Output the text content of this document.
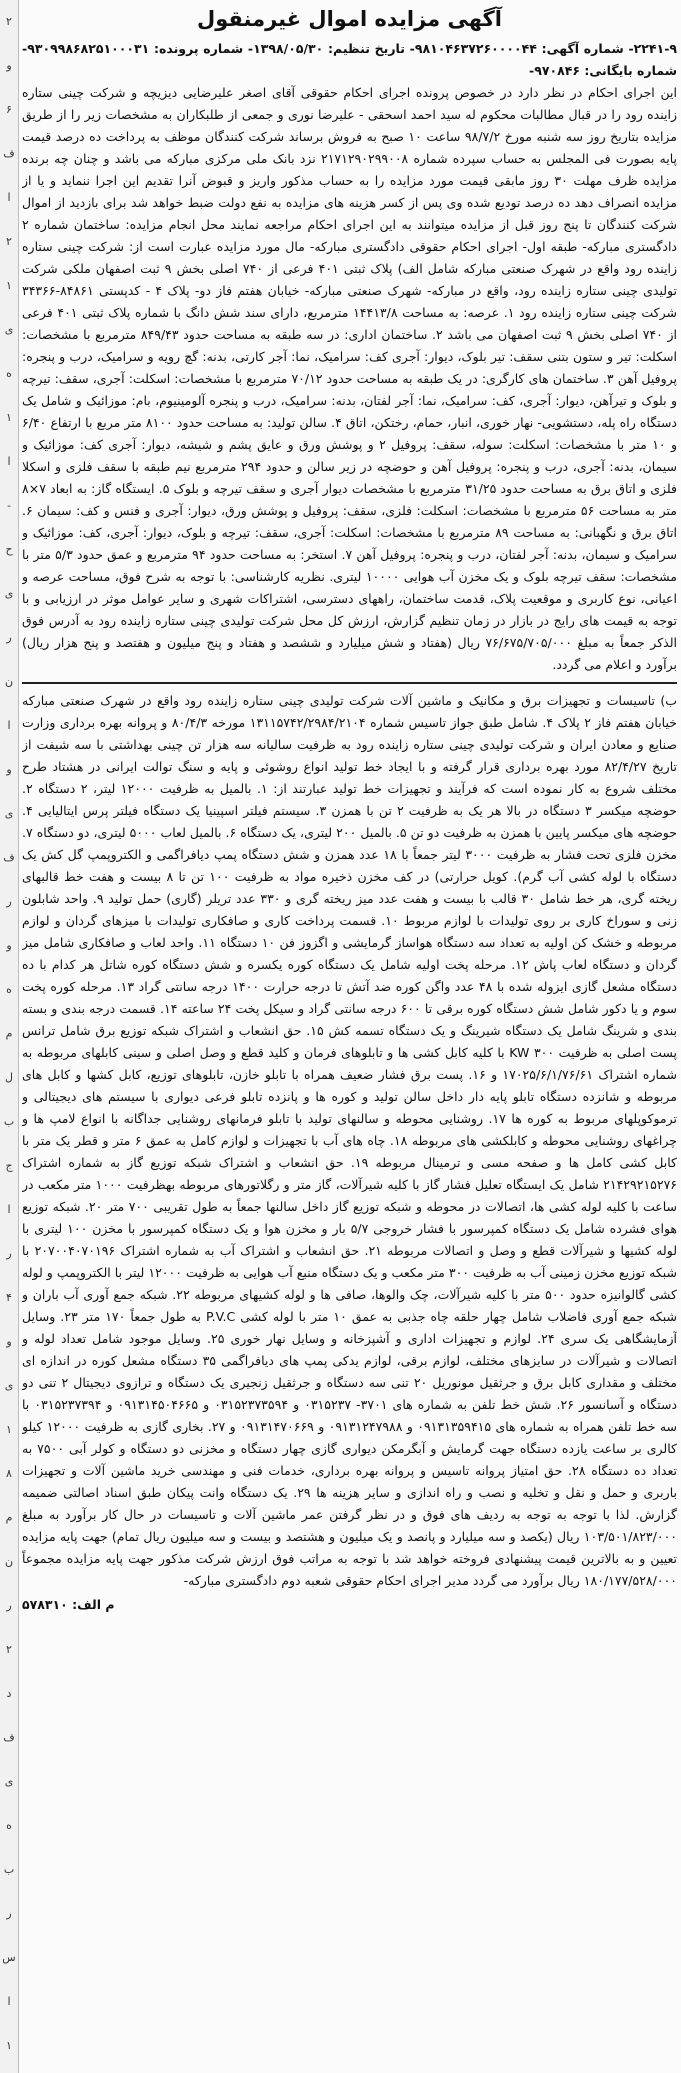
۲
و
۶
ف
ا
۲
۱
ی
ه
۱
ا
-
ح
ی
ر
ن
ا
و
ی
ف
ر
و
ه
م
ل
ب
ج
ا
ر
۴
و
ی
۱
۸
م
ن
ر
۲
د
ف
ی
ه
ب
ر
س
ا
۱
آگهی مزایده اموال غیرمنقول
۲۲۴۱-۹- شماره آگهی: ۹۸۱۰۴۶۳۷۲۶۰۰۰۰۴۴- تاریخ تنظیم: ۱۳۹۸/۰۵/۳۰- شماره پرونده: ۹۳۰۹۹۸۶۸۲۵۱۰۰۰۳۱- شماره بایگانی: ۹۷۰۸۴۶-

این اجرای احکام در نظر دارد در خصوص پرونده اجرای احکام حقوقی آقای اصغر علیرضایی دیزیچه و شرکت چینی ستاره زاینده رود را در قبال مطالبات محکوم له سید احمد اسحقی - علیرضا نوری و جمعی از طلبکاران به مشخصات زیر را از طریق مزایده بتاریخ روز سه شنبه مورخ ۹۸/۷/۲ ساعت ۱۰ صبح به فروش برساند شرکت کنندگان موظف به پرداخت ده درصد قیمت پایه بصورت فی المجلس به حساب سپرده شماره ۲۱۷۱۲۹۰۲۹۹۰۰۸ نزد بانک ملی مرکزی مبارکه می باشد و چنان چه برنده مزایده ظرف مهلت ۳۰ روز مابقی قیمت مورد مزایده را به حساب مذکور واریز و قبوض آنرا تقدیم این اجرا ننماید و یا از مزایده انصراف دهد ده درصد تودیع شده وی پس از کسر هزینه های مزایده به نفع دولت ضبط خواهد شد برای بازدید از اموال شرکت کنندگان تا پنج روز قبل از مزایده میتوانند به این اجرای احکام مراجعه نمایند محل انجام مزایده: ساختمان شماره ۲ دادگستری مبارکه- طبقه اول- اجرای احکام حقوقی دادگستری مبارکه- مال مورد مزایده عبارت است از: شرکت چینی ستاره زاینده رود واقع در شهرک صنعتی مبارکه شامل الف) پلاک ثبتی ۴۰۱ فرعی از ۷۴۰ اصلی بخش ۹ ثبت اصفهان ملکی شرکت تولیدی چینی ستاره زاینده رود، واقع در مبارکه- شهرک صنعتی مبارکه- خیابان هفتم فاز دو- پلاک ۴ - کدپستی ۸۴۸۶۱-۳۴۳۶۶ شرکت چینی ستاره زاینده رود ۱. عرصه: به مساحت ۱۴۴۱۳/۸ مترمربع، دارای سند شش دانگ با شماره پلاک ثبتی ۴۰۱ فرعی از ۷۴۰ اصلی بخش ۹ ثبت اصفهان می باشد ۲. ساختمان اداری: در سه طبقه به مساحت حدود ۸۴۹/۴۳ مترمربع با مشخصات: اسکلت: تیر و ستون بتنی سقف: تیر بلوک، دیوار: آجری کف: سرامیک، نما: آجر کارتی، بدنه: گچ رویه و سرامیک، درب و پنجره: پروفیل آهن ۳. ساختمان های کارگری: در یک طبقه به مساحت حدود ۷۰/۱۲ مترمربع با مشخصات: اسکلت: آجری، سقف: تیرچه و بلوک و تیرآهن، دیوار: آجری، کف: سرامیک، نما: آجر لفتان، بدنه: سرامیک، درب و پنجره آلومینیوم، بام: موزائیک و شامل یک دستگاه راه پله، دستشویی- نهار خوری، انبار، حمام، رختکن، اتاق ۴. سالن تولید: به مساحت حدود ۸۱۰۰ متر مربع با ارتفاع ۶/۴۰ و ۱۰ متر با مشخصات: اسکلت: سوله، سقف: پروفیل ۲ و پوشش ورق و عایق پشم و شیشه، دیوار: آجری کف: موزائیک و سیمان، بدنه: آجری، درب و پنجره: پروفیل آهن و حوضچه در زیر سالن و حدود ۲۹۴ مترمربع نیم طبقه با سقف فلزی و اسکلا فلزی و اتاق برق به مساحت حدود ۳۱/۲۵ مترمربع با مشخصات دیوار آجری و سقف تیرچه و بلوک ۵. ایستگاه گاز: به ابعاد ۷×۸ متر به مساحت ۵۶ مترمربع با مشخصات: اسکلت: فلزی، سقف: پروفیل و پوشش ورق، دیوار: آجری و فنس و کف: سیمان ۶. اتاق برق و نگهبانی: به مساحت ۸۹ مترمربع با مشخصات: اسکلت: آجری، سقف: تیرچه و بلوک، دیوار: آجری، کف: موزائیک و سرامیک و سیمان، بدنه: آجر لفتان، درب و پنجره: پروفیل آهن ۷. استخر: به مساحت حدود ۹۴ مترمربع و عمق حدود ۵/۳ متر با مشخصات: سقف تیرچه بلوک و یک مخزن آب هوایی ۱۰۰۰۰ لیتری. نظریه کارشناسی: با توجه به شرح فوق، مساحت عرصه و اعیانی، نوع کاربری و موقعیت پلاک، قدمت ساختمان، راههای دسترسی، اشتراکات شهری و سایر عوامل موثر در ارزیابی و با توجه به قیمت های رایج در بازار در زمان تنظیم گزارش، ارزش کل محل شرکت تولیدی چینی ستاره زاینده رود به آدرس فوق الذکر جمعاً به مبلغ ۷۶/۶۷۵/۷۰۵/۰۰۰ ریال (هفتاد و شش میلیارد و ششصد و هفتاد و پنج میلیون و هفتصد و پنج هزار ریال) برآورد و اعلام می گردد.

ب) تاسیسات و تجهیزات برق و مکانیک و ماشین آلات شرکت تولیدی چینی ستاره زاینده رود واقع در شهرک صنعتی مبارکه خیابان هفتم فاز ۲ پلاک ۴. شامل طبق جواز تاسیس شماره ۱۳۱۱۵۷۴۲/۲۹۸۴/۲۱۰۴ مورخه ۸۰/۴/۳ و پروانه بهره برداری وزارت صنایع و معادن ایران و شرکت تولیدی چینی ستاره زاینده رود به ظرفیت سالیانه سه هزار تن چینی بهداشتی با سه شیفت از تاریخ ۸۲/۴/۲۷ مورد بهره برداری قرار گرفته و با ایجاد خط تولید انواع روشوئی و پایه و سنگ توالت ایرانی در هشتاد طرح مختلف شروع به کار نموده است که فرآیند و تجهیزات خط تولید عبارتند از: ۱. بالمیل به ظرفیت ۱۲۰۰۰ لیتر، ۲ دستگاه ۲. حوضچه میکسر ۳ دستگاه در بالا هر یک به ظرفیت ۲ تن با همزن ۳. سیستم فیلتر اسپینیا یک دستگاه فیلتر پرس ایتالیایی ۴. حوضچه های میکسر پایین با همزن به ظرفیت دو تن ۵. بالمیل ۲۰۰ لیتری، یک دستگاه ۶. بالمیل لعاب ۵۰۰۰ لیتری، دو دستگاه ۷. مخزن فلزی تحت فشار به ظرفیت ۳۰۰۰ لیتر جمعاً با ۱۸ عدد همزن و شش دستگاه پمپ دیافراگمی و الکتروپمپ گل کش یک دستگاه با لوله کشی آب گرم). کویل حرارتی) در کف مخزن ذخیره مواد به ظرفیت ۱۰۰ تن تا ۸ بیست و هفت خط قالبهای ریخته گری، هر خط شامل ۳۰ قالب با بیست و هفت عدد میز ریخته گری و ۳۳۰ عدد تریلر (گاری) حمل تولید ۹. واحد شابلون زنی و سوراخ کاری بر روی تولیدات با لوازم مربوط ۱۰. قسمت پرداخت کاری و صافکاری تولیدات با میزهای گردان و لوازم مربوطه و خشک کن اولیه به تعداد سه دستگاه هواساز گرمایشی و اگزوز فن ۱۰ دستگاه ۱۱. واحد لعاب و صافکاری شامل میز گردان و دستگاه لعاب پاش ۱۲. مرحله پخت اولیه شامل یک دستگاه کوره یکسره و شش دستگاه کوره شاتل هر کدام با ده دستگاه مشعل گازی ایزوله شده با ۴۸ عدد واگن کوره ضد آتش تا درجه حرارت ۱۴۰۰ درجه سانتی گراد ۱۳. مرحله کوره پخت سوم و یا دکور شامل شش دستگاه کوره برقی تا ۶۰۰ درجه سانتی گراد و سیکل پخت ۲۴ ساعته ۱۴. قسمت درجه بندی و بسته بندی و شرینگ شامل یک دستگاه شیرینگ و یک دستگاه تسمه کش ۱۵. حق انشعاب و اشتراک شبکه توزیع برق شامل ترانس پست اصلی به ظرفیت ۳۰۰ KW با کلیه کابل کشی ها و تابلوهای فرمان و کلید قطع و وصل اصلی و سینی کابلهای مربوطه به شماره اشتراک ۱۷۰۲۵/۶/۱/۷۶/۶۱ و ۱۶. پست برق فشار ضعیف همراه با تابلو خازن، تابلوهای توزیع، کابل کشها و کابل های مربوطه و شانزده دستگاه تابلو پایه دار داخل سالن تولید و کوره ها و پانزده تابلو فرعی دیواری با سیستم های دیجیتالی و ترموکوپلهای مربوط به کوره ها ۱۷. روشنایی محوطه و سالنهای تولید با تابلو فرمانهای روشنایی جداگانه با انواع لامپ ها و چراغهای روشنایی محوطه و کابلکشی های مربوطه ۱۸. چاه های آب با تجهیزات و لوازم کامل به عمق ۶ متر و قطر یک متر با کابل کشی کامل ها و صفحه مسی و ترمینال مربوطه ۱۹. حق انشعاب و اشتراک شبکه توزیع گاز به شماره اشتراک ۲۱۴۲۹۲۱۵۲۷۶ شامل یک ایستگاه تعلیل فشار گاز با کلیه شیرآلات، گاز متر و رگلاتورهای مربوطه بهظرفیت ۱۰۰۰ متر مکعب در ساعت با کلیه لوله کشی ها، اتصالات در محوطه و شبکه توزیع گاز داخل سالنها جمعاً به طول تقریبی ۷۰۰ متر ۲۰. شبکه توزیع هوای فشرده شامل یک دستگاه کمپرسور با فشار خروجی ۵/۷ بار و مخزن هوا و یک دستگاه کمپرسور با مخزن ۱۰۰ لیتری با لوله کشیها و شیرآلات قطع و وصل و اتصالات مربوطه ۲۱. حق انشعاب و اشتراک آب به شماره اشتراک ۲۰۷۰۰۴۰۷۰۱۹۶ با شبکه توزیع مخزن زمینی آب به ظرفیت ۳۰۰ متر مکعب و یک دستگاه منبع آب هوایی به ظرفیت ۱۲۰۰۰ لیتر با الکتروپمپ و لوله کشی گالوانیزه حدود ۵۰۰ متر با کلیه شیرآلات، چک والوها، صافی ها و لوله کشیهای مربوطه ۲۲. شبکه جمع آوری آب باران و شبکه جمع آوری فاضلاب شامل چهار حلقه چاه جذبی به عمق ۱۰ متر با لوله کشی P.V.C به طول جمعاً ۱۷۰ متر ۲۳. وسایل آزمایشگاهی یک سری ۲۴. لوازم و تجهیزات اداری و آشپزخانه و وسایل نهار خوری ۲۵. وسایل موجود شامل تعداد لوله و اتصالات و شیرآلات در سایزهای مختلف، لوازم برقی، لوازم یدکی پمپ های دیافراگمی ۳۵ دستگاه مشعل کوره در اندازه ای مختلف و مقداری کابل برق و جرثقیل مونوریل ۲۰ تنی سه دستگاه و جرثقیل زنجیری یک دستگاه و ترازوی دیجیتال ۲ تنی دو دستگاه و آسانسور ۲۶. شش خط تلفن به شماره های ۳۷۰۱- ۰۳۱۵۲۳۷ و ۰۳۱۵۲۳۷۳۵۹۴ و ۰۹۱۳۱۴۵۰۴۶۶۵ و ۰۳۱۵۲۳۷۳۹۴ با سه خط تلفن همراه به شماره های ۰۹۱۳۱۳۵۹۴۱۵ و ۰۹۱۳۱۲۴۷۹۸۸ و ۰۹۱۳۱۴۷۰۶۶۹ و ۲۷. بخاری گازی به ظرفیت ۱۲۰۰۰ کیلو کالری بر ساعت یازده دستگاه جهت گرمایش و آبگرمکن دیواری گازی چهار دستگاه و مخزنی دو دستگاه و کولر آبی ۷۵۰۰ به تعداد ده دستگاه ۲۸. حق امتیاز پروانه تاسیس و پروانه بهره برداری، خدمات فنی و مهندسی خرید ماشین آلات و تجهیزات باربری و حمل و نقل و تخلیه و نصب و راه اندازی و سایر هزینه ها ۲۹. یک دستگاه وانت پیکان طبق اسناد اصالتی ضمیمه گزارش. لذا با توجه به توجه به ردیف های فوق و در نظر گرفتن عمر ماشین آلات و تاسیسات در حال کار برآورد به مبلغ ۱۰۳/۵۰۱/۸۲۳/۰۰۰ ریال (یکصد و سه میلیارد و پانصد و یک میلیون و هشتصد و بیست و سه میلیون ریال تمام) جهت پایه مزایده تعیین و به بالاترین قیمت پیشنهادی فروخته خواهد شد با توجه به مراتب فوق ارزش شرکت مذکور جهت پایه مزایده مجموعاً ۱۸۰/۱۷۷/۵۲۸/۰۰۰ ریال برآورد می گردد مدیر اجرای احکام حقوقی شعبه دوم دادگستری مبارکه-

م الف: ۵۷۸۳۱۰
